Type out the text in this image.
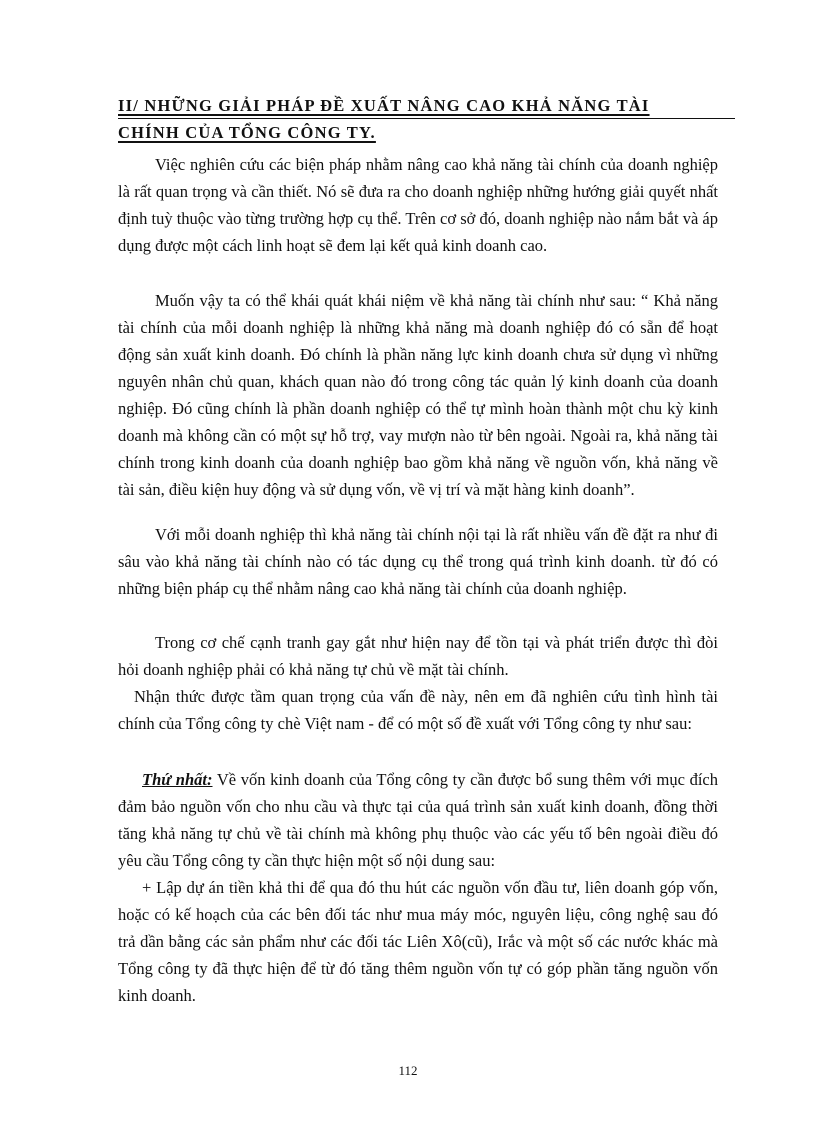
II/ NHỮNG GIẢI PHÁP ĐỀ XUẤT NÂNG CAO KHẢ NĂNG TÀI
CHÍNH CỦA TỔNG CÔNG TY.

Việc nghiên cứu các biện pháp nhằm nâng cao khả năng tài chính của doanh nghiệp là rất quan trọng và cần thiết. Nó sẽ đưa ra cho doanh nghiệp những hướng giải quyết nhất định tuỳ thuộc vào từng trường hợp cụ thể. Trên cơ sở đó, doanh nghiệp nào nắm bắt và áp dụng được một cách linh hoạt sẽ đem lại kết quả kinh doanh cao.

Muốn vậy ta có thể khái quát khái niệm về khả năng tài chính như sau: “ Khả năng tài chính của mỗi doanh nghiệp là những khả năng mà doanh nghiệp đó có sẵn để hoạt động sản xuất kinh doanh. Đó chính là phần năng lực kinh doanh chưa sử dụng vì những nguyên nhân chủ quan, khách quan nào đó trong công tác quản lý kinh doanh của doanh nghiệp. Đó cũng chính là phần doanh nghiệp có thể tự mình hoàn thành một chu kỳ kinh doanh mà không cần có một sự hỗ trợ, vay mượn nào từ bên ngoài. Ngoài ra, khả năng tài chính trong kinh doanh của doanh nghiệp bao gồm khả năng về nguồn vốn, khả năng về tài sản, điều kiện huy động và sử dụng vốn, về vị trí và mặt hàng kinh doanh”.

Với mỗi doanh nghiệp thì khả năng tài chính nội tại là rất nhiều vấn đề đặt ra như đi sâu vào khả năng tài chính nào có tác dụng cụ thể trong quá trình kinh doanh. từ đó có những biện pháp cụ thể nhằm nâng cao khả năng tài chính của doanh nghiệp.

Trong cơ chế cạnh tranh gay gắt như hiện nay để tồn tại và phát triển được thì đòi hỏi doanh nghiệp phải có khả năng tự chủ về mặt tài chính.

Nhận thức được tầm quan trọng của vấn đề này, nên em đã nghiên cứu tình hình tài chính của Tổng công ty chè Việt nam - để có một số đề xuất với Tổng công ty như sau:

Thứ nhất: Về vốn kinh doanh của Tổng công ty cần được bổ sung thêm với mục đích đảm bảo nguồn vốn cho nhu cầu và thực tại của quá trình sản xuất kinh doanh, đồng thời tăng khả năng tự chủ về tài chính mà không phụ thuộc vào các yếu tố bên ngoài điều đó yêu cầu Tổng công ty cần thực hiện một số nội dung sau:

+ Lập dự án tiền khả thi để qua đó thu hút các nguồn vốn đầu tư, liên doanh góp vốn, hoặc có kế hoạch của các bên đối tác như mua máy móc, nguyên liệu, công nghệ sau đó trả dần bằng các sản phẩm như các đối tác Liên Xô(cũ), Irắc và một số các nước khác mà Tổng công ty đã thực hiện để từ đó tăng thêm nguồn vốn tự có góp phần tăng nguồn vốn kinh doanh.

112
